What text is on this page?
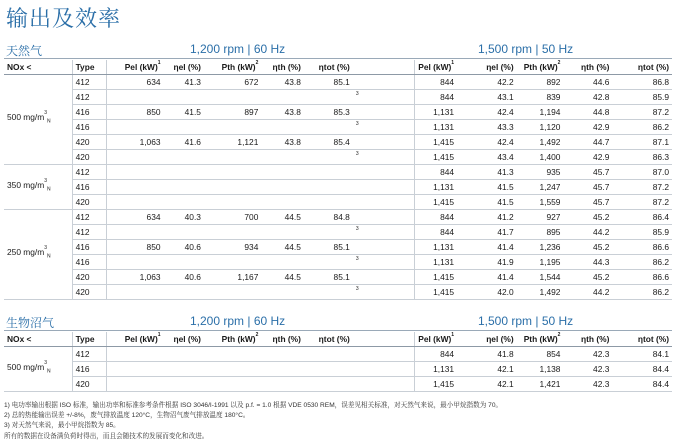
输出及效率
天然气	1,200 rpm | 60 Hz	1,500 rpm | 50 Hz
NOx <	Type	Pel (kW)$^1$	ηel (%)	Pth (kW)$^2$	ηth (%)	ηtot (%)		Pel (kW)$^1$	ηel (%)	Pth (kW)$^2$	ηth (%)	ηtot (%)
500 $mg/m^3_N$	412	634	41.3	672	43.8	85.1		844	42.2	892	44.6	86.8
	412						3	844	43.1	839	42.8	85.9
	416	850	41.5	897	43.8	85.3		1,131	42.4	1,194	44.8	87.2
	416						3	1,131	43.3	1,120	42.9	86.2
	420	1,063	41.6	1,121	43.8	85.4		1,415	42.4	1,492	44.7	87.1
	420						3	1,415	43.4	1,400	42.9	86.3
350 $mg/m^3_N$	412							844	41.3	935	45.7	87.0
	416							1,131	41.5	1,247	45.7	87.2
	420							1,415	41.5	1,559	45.7	87.2
250 $mg/m^3_N$	412	634	40.3	700	44.5	84.8		844	41.2	927	45.2	86.4
	412						3	844	41.7	895	44.2	85.9
	416	850	40.6	934	44.5	85.1		1,131	41.4	1,236	45.2	86.6
	416						3	1,131	41.9	1,195	44.3	86.2
	420	1,063	40.6	1,167	44.5	85.1		1,415	41.4	1,544	45.2	86.6
	420						3	1,415	42.0	1,492	44.2	86.2
生物沼气	1,200 rpm | 60 Hz	1,500 rpm | 50 Hz
NOx <	Type	Pel (kW)$^1$	ηel (%)	Pth (kW)$^2$	ηth (%)	ηtot (%)		Pel (kW)$^1$	ηel (%)	Pth (kW)$^2$	ηth (%)	ηtot (%)
500 $mg/m^3_N$	412							844	41.8	854	42.3	84.1
	416							1,131	42.1	1,138	42.3	84.4
	420							1,415	42.1	1,421	42.3	84.4
1) 电功率输出根据 ISO 标准，输出功率和标准参考条件根据 ISO 3046/I-1991 以及 p.f. = 1.0 根据 VDE 0530 REM，误差见相关标准，对天然气来说，最小甲烷指数为 70。
2) 总的热能输出误差 +/-8%，废气排放温度 120°C，生物沼气废气排放温度 180°C。
3) 对天然气来说，最小甲烷指数为 85。
所有的数据在设备满负荷时得出，而且会随技术的发展而变化和改进。
